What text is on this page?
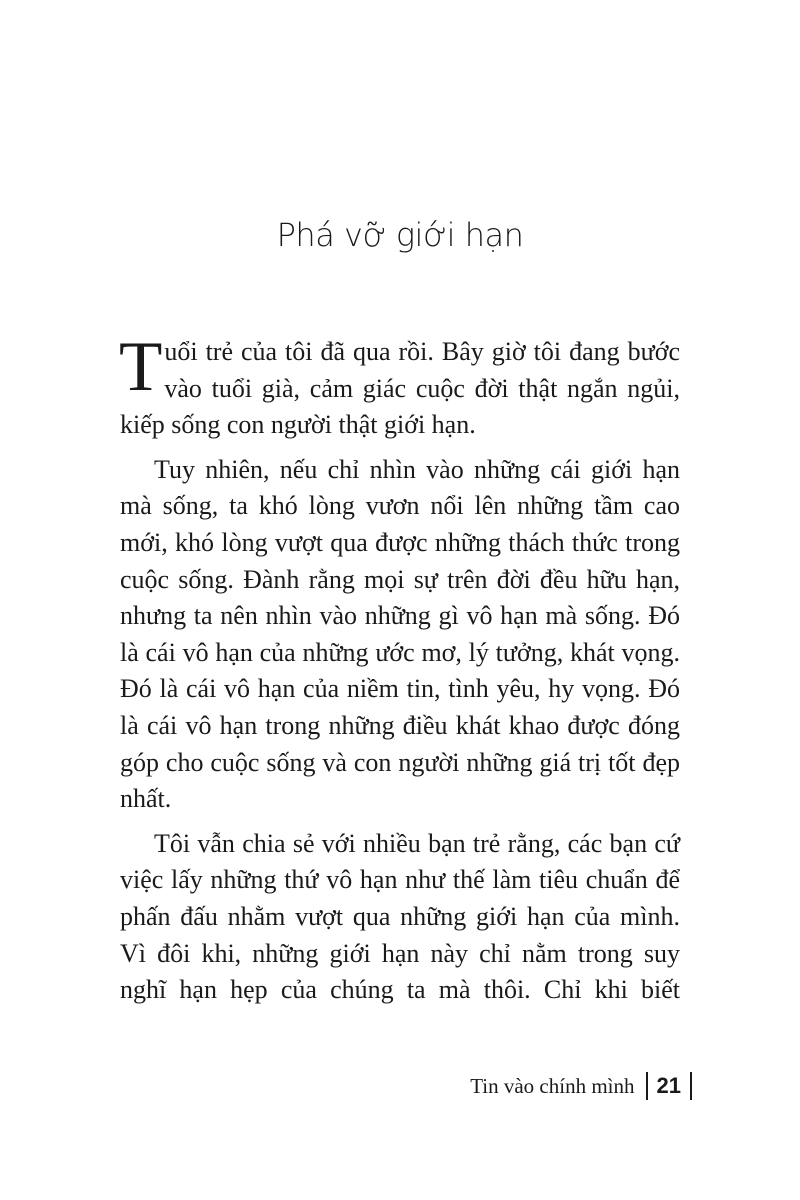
Phá vỡ giới hạn

Tuổi trẻ của tôi đã qua rồi. Bây giờ tôi đang bước vào tuổi già, cảm giác cuộc đời thật ngắn ngủi, kiếp sống con người thật giới hạn.

Tuy nhiên, nếu chỉ nhìn vào những cái giới hạn mà sống, ta khó lòng vươn nổi lên những tầm cao mới, khó lòng vượt qua được những thách thức trong cuộc sống. Đành rằng mọi sự trên đời đều hữu hạn, nhưng ta nên nhìn vào những gì vô hạn mà sống. Đó là cái vô hạn của những ước mơ, lý tưởng, khát vọng. Đó là cái vô hạn của niềm tin, tình yêu, hy vọng. Đó là cái vô hạn trong những điều khát khao được đóng góp cho cuộc sống và con người những giá trị tốt đẹp nhất.

Tôi vẫn chia sẻ với nhiều bạn trẻ rằng, các bạn cứ việc lấy những thứ vô hạn như thế làm tiêu chuẩn để phấn đấu nhằm vượt qua những giới hạn của mình. Vì đôi khi, những giới hạn này chỉ nằm trong suy nghĩ hạn hẹp của chúng ta mà thôi. Chỉ khi biết

Tin vào chính mình 21
